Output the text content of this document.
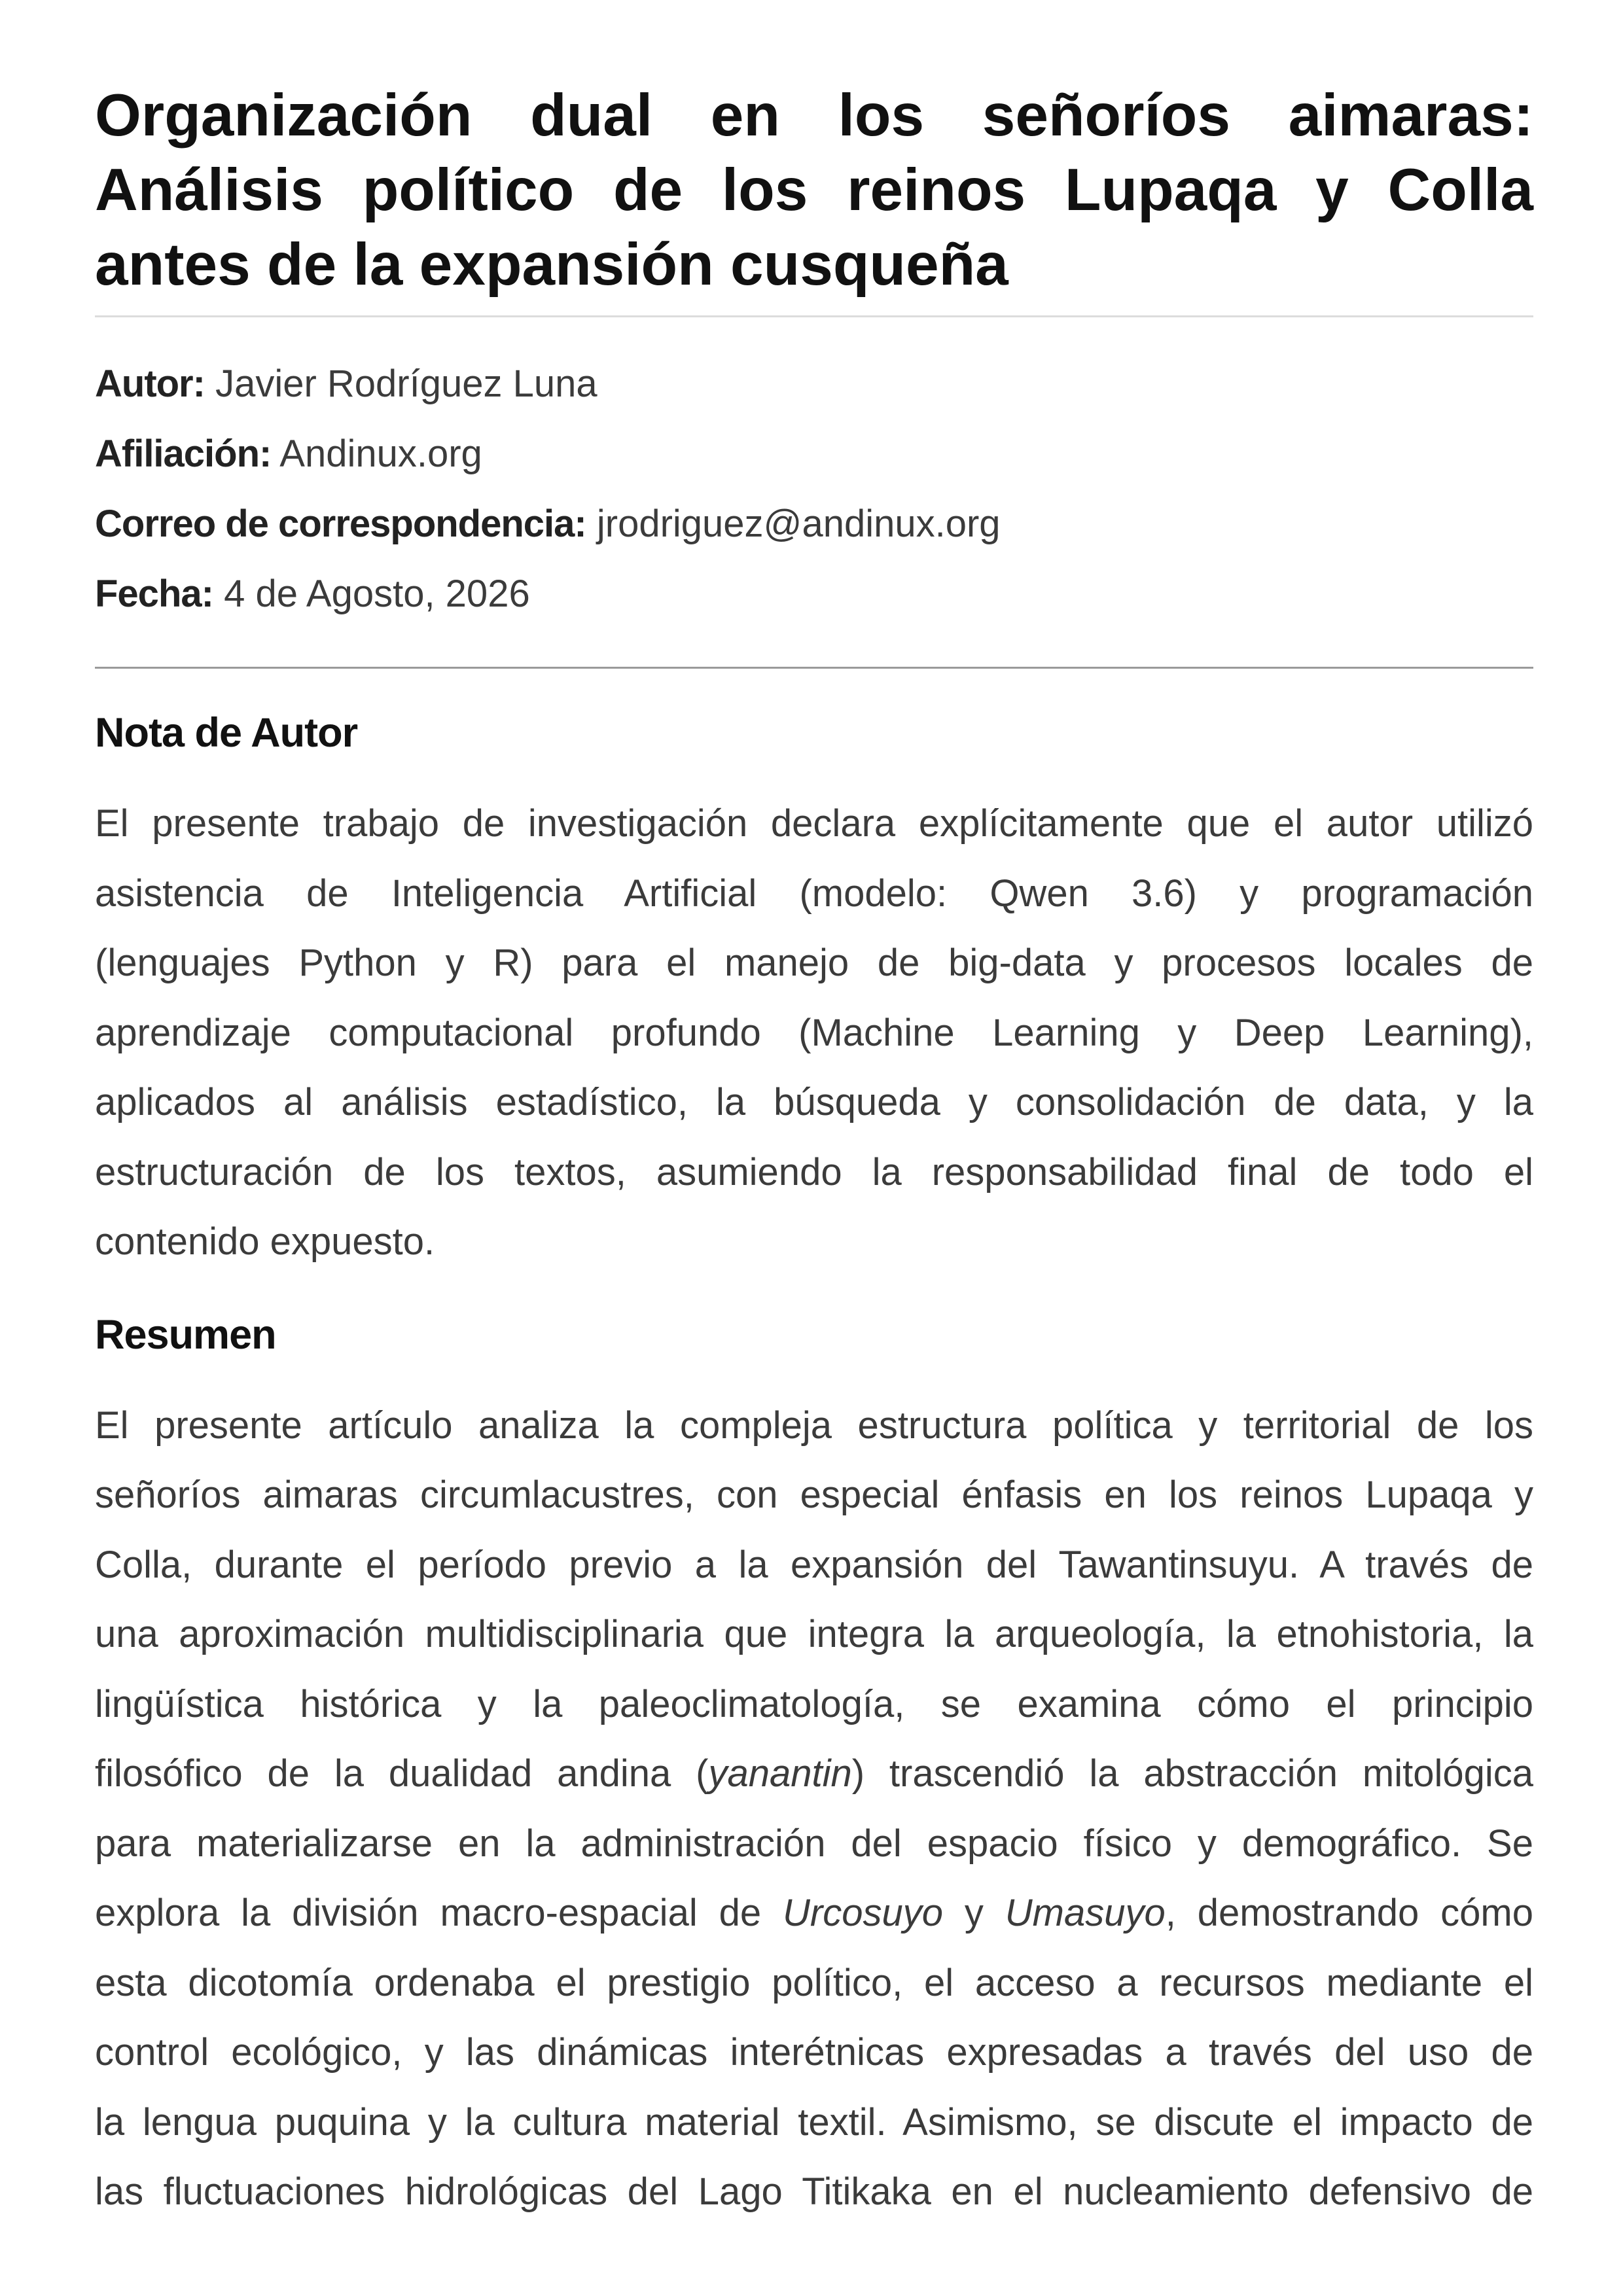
Organización dual en los señoríos aimaras:
Análisis político de los reinos Lupaqa y Colla
antes de la expansión cusqueña
Autor: Javier Rodríguez Luna
Afiliación: Andinux.org
Correo de correspondencia: jrodriguez@andinux.org
Fecha: 4 de Agosto, 2026
Nota de Autor
El presente trabajo de investigación declara explícitamente que el autor utilizó
asistencia de Inteligencia Artificial (modelo: Qwen 3.6) y programación
(lenguajes Python y R) para el manejo de big-data y procesos locales de
aprendizaje computacional profundo (Machine Learning y Deep Learning),
aplicados al análisis estadístico, la búsqueda y consolidación de data, y la
estructuración de los textos, asumiendo la responsabilidad final de todo el
contenido expuesto.
Resumen
El presente artículo analiza la compleja estructura política y territorial de los
señoríos aimaras circumlacustres, con especial énfasis en los reinos Lupaqa y
Colla, durante el período previo a la expansión del Tawantinsuyu. A través de
una aproximación multidisciplinaria que integra la arqueología, la etnohistoria, la
lingüística histórica y la paleoclimatología, se examina cómo el principio
filosófico de la dualidad andina (yanantin) trascendió la abstracción mitológica
para materializarse en la administración del espacio físico y demográfico. Se
explora la división macro-espacial de Urcosuyo y Umasuyo, demostrando cómo
esta dicotomía ordenaba el prestigio político, el acceso a recursos mediante el
control ecológico, y las dinámicas interétnicas expresadas a través del uso de
la lengua puquina y la cultura material textil. Asimismo, se discute el impacto de
las fluctuaciones hidrológicas del Lago Titikaka en el nucleamiento defensivo de
